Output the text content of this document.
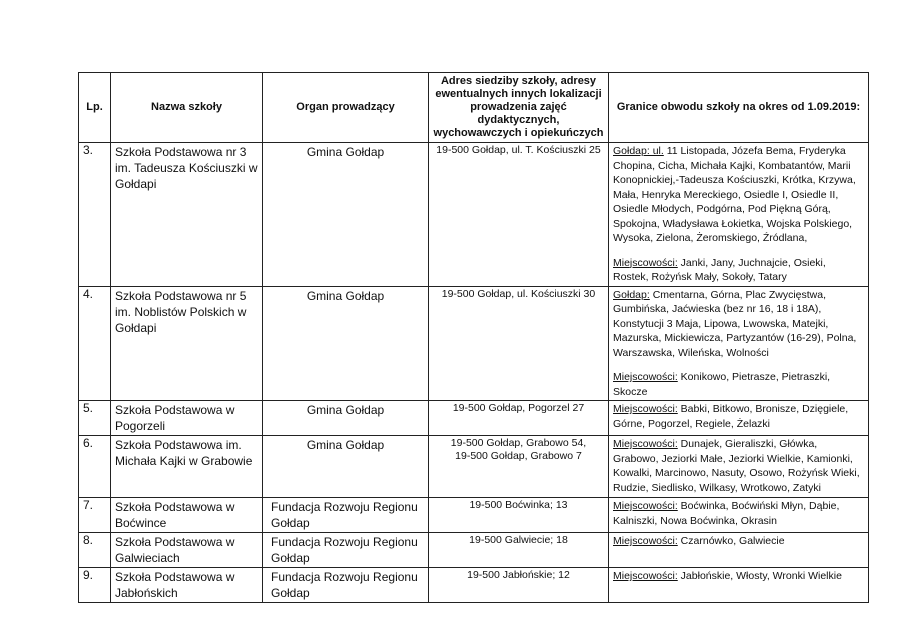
Lp.	Nazwa szkoły	Organ prowadzący	Adres siedziby szkoły, adresy ewentualnych innych lokalizacji prowadzenia zajęć dydaktycznych, wychowawczych i opiekuńczych	Granice obwodu szkoły na okres od 1.09.2019:
3.	Szkoła Podstawowa nr 3 im. Tadeusza Kościuszki w Gołdapi	Gmina Gołdap	19-500 Gołdap, ul. T. Kościuszki 25	Gołdap: ul. 11 Listopada, Józefa Bema, Fryderyka Chopina, Cicha, Michała Kajki, Kombatantów, Marii Konopnickiej,-Tadeusza Kościuszki, Krótka, Krzywa, Mała, Henryka Mereckiego, Osiedle I, Osiedle II, Osiedle Młodych, Podgórna, Pod Piękną Górą, Spokojna, Władysława Łokietka, Wojska Polskiego, Wysoka, Zielona, Żeromskiego, Źródlana,
Miejscowości: Janki, Jany, Juchnajcie, Osieki, Rostek, Rożyńsk Mały, Sokoły, Tatary

4.	Szkoła Podstawowa nr 5 im. Noblistów Polskich w Gołdapi	Gmina Gołdap	19-500 Gołdap, ul. Kościuszki 30	Gołdap: Cmentarna, Górna, Plac Zwycięstwa, Gumbińska, Jaćwieska (bez nr 16, 18 i 18A), Konstytucji 3 Maja, Lipowa, Lwowska, Matejki, Mazurska, Mickiewicza, Partyzantów (16-29), Polna, Warszawska, Wileńska, Wolności
Miejscowości: Konikowo, Pietrasze, Pietraszki, Skocze

5.	Szkoła Podstawowa w Pogorzeli	Gmina Gołdap	19-500 Gołdap, Pogorzel 27	Miejscowości: Babki, Bitkowo, Bronisze, Dzięgiele, Górne, Pogorzel, Regiele, Żelazki

6.	Szkoła Podstawowa im. Michała Kajki w Grabowie	Gmina Gołdap	19-500 Gołdap, Grabowo 54,
19-500 Gołdap, Grabowo 7	Miejscowości: Dunajek, Gieraliszki, Główka, Grabowo, Jeziorki Małe, Jeziorki Wielkie, Kamionki, Kowalki, Marcinowo, Nasuty, Osowo, Rożyńsk Wieki, Rudzie, Siedlisko, Wilkasy, Wrotkowo, Zatyki

7.	Szkoła Podstawowa w Boćwince	Fundacja Rozwoju Regionu Gołdap	19-500 Boćwinka; 13	Miejscowości: Boćwinka, Boćwiński Młyn, Dąbie, Kalniszki, Nowa Boćwinka, Okrasin

8.	Szkoła Podstawowa w Galwieciach	Fundacja Rozwoju Regionu Gołdap	19-500 Galwiecie; 18	Miejscowości: Czarnówko, Galwiecie

9.	Szkoła Podstawowa w Jabłońskich	Fundacja Rozwoju Regionu Gołdap	19-500 Jabłońskie; 12	Miejscowości: Jabłońskie, Włosty, Wronki Wielkie
